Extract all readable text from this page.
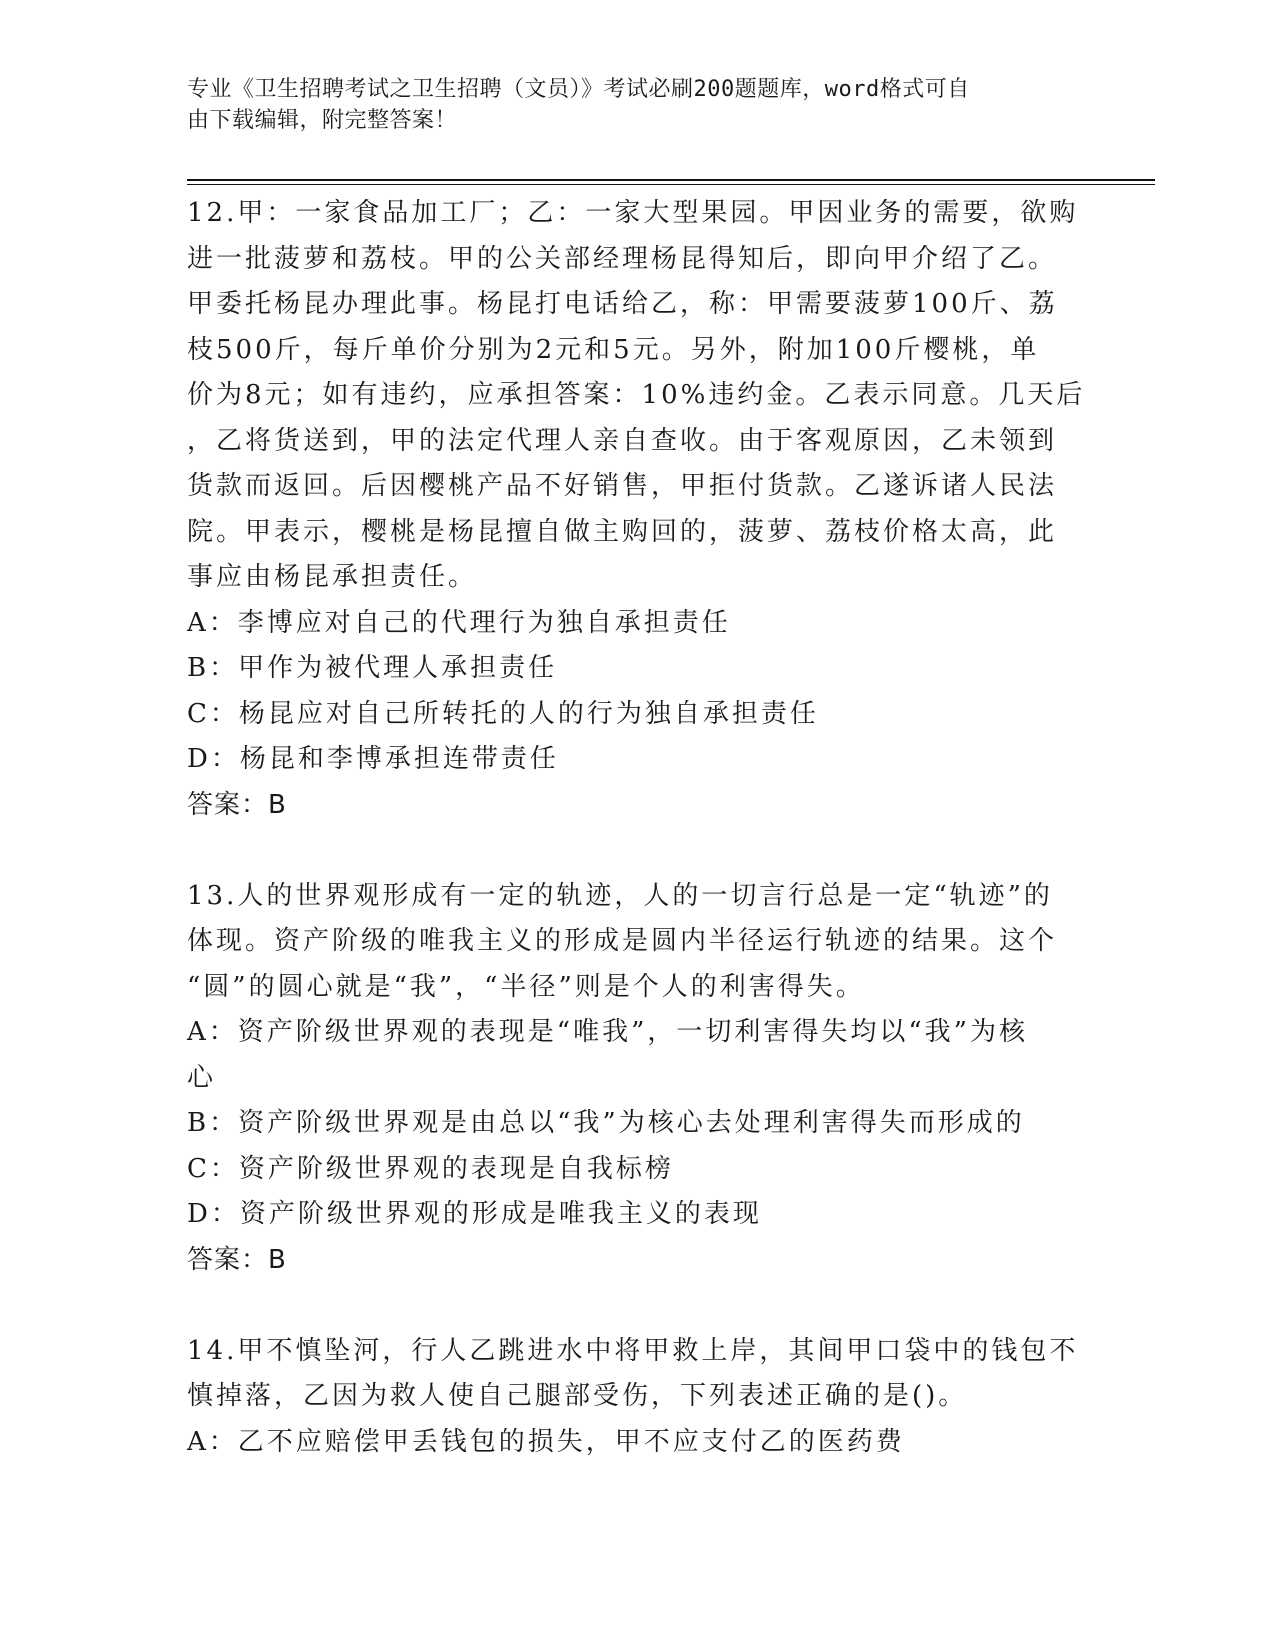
专业《卫生招聘考试之卫生招聘（文员）》考试必刷200题题库，word格式可自
由下载编辑，附完整答案！
12.甲：一家食品加工厂；乙：一家大型果园。甲因业务的需要，欲购
进一批菠萝和荔枝。甲的公关部经理杨昆得知后，即向甲介绍了乙。
甲委托杨昆办理此事。杨昆打电话给乙，称：甲需要菠萝100斤、荔
枝500斤，每斤单价分别为2元和5元。另外，附加100斤樱桃，单
价为8元；如有违约，应承担答案：10%违约金。乙表示同意。几天后
，乙将货送到，甲的法定代理人亲自查收。由于客观原因，乙未领到
货款而返回。后因樱桃产品不好销售，甲拒付货款。乙遂诉诸人民法
院。甲表示，樱桃是杨昆擅自做主购回的，菠萝、荔枝价格太高，此
事应由杨昆承担责任。
A：李博应对自己的代理行为独自承担责任
B：甲作为被代理人承担责任
C：杨昆应对自己所转托的人的行为独自承担责任
D：杨昆和李博承担连带责任
答案：B
13.人的世界观形成有一定的轨迹，人的一切言行总是一定“轨迹”的
体现。资产阶级的唯我主义的形成是圆内半径运行轨迹的结果。这个
“圆”的圆心就是“我”，“半径”则是个人的利害得失。
A：资产阶级世界观的表现是“唯我”，一切利害得失均以“我”为核
心
B：资产阶级世界观是由总以“我”为核心去处理利害得失而形成的
C：资产阶级世界观的表现是自我标榜
D：资产阶级世界观的形成是唯我主义的表现
答案：B
14.甲不慎坠河，行人乙跳进水中将甲救上岸，其间甲口袋中的钱包不
慎掉落，乙因为救人使自己腿部受伤，下列表述正确的是()。
A：乙不应赔偿甲丢钱包的损失，甲不应支付乙的医药费
